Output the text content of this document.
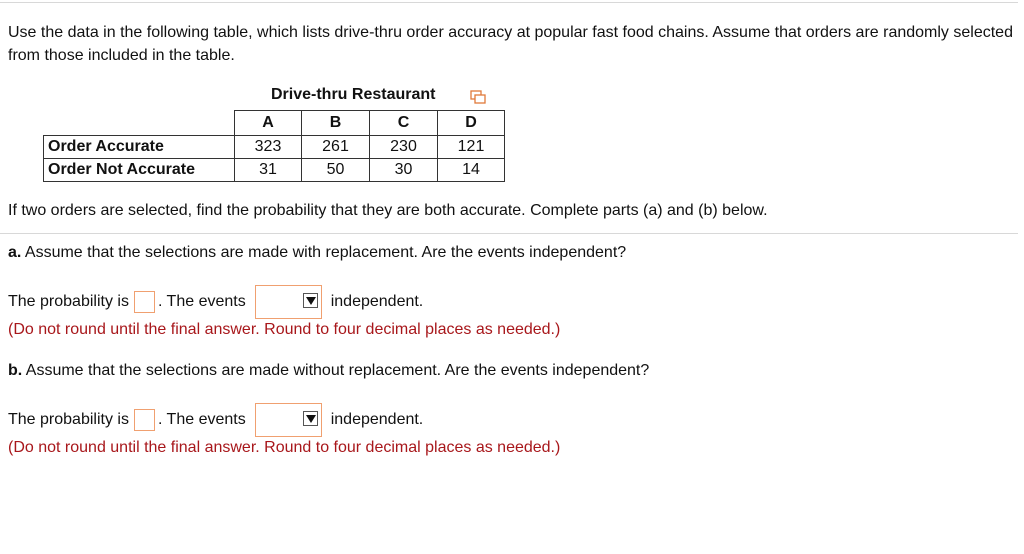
Use the data in the following table, which lists drive-thru order accuracy at popular fast food chains. Assume that orders are randomly selected from those included in the table.
Drive-thru Restaurant
	A	B	C	D
Order Accurate	323	261	230	121
Order Not Accurate	31	50	30	14
If two orders are selected, find the probability that they are both accurate. Complete parts (a) and (b) below.
a. Assume that the selections are made with replacement. Are the events independent?
The probability is . The events	independent.
(Do not round until the final answer. Round to four decimal places as needed.)
b. Assume that the selections are made without replacement. Are the events independent?
The probability is . The events	independent.
(Do not round until the final answer. Round to four decimal places as needed.)
